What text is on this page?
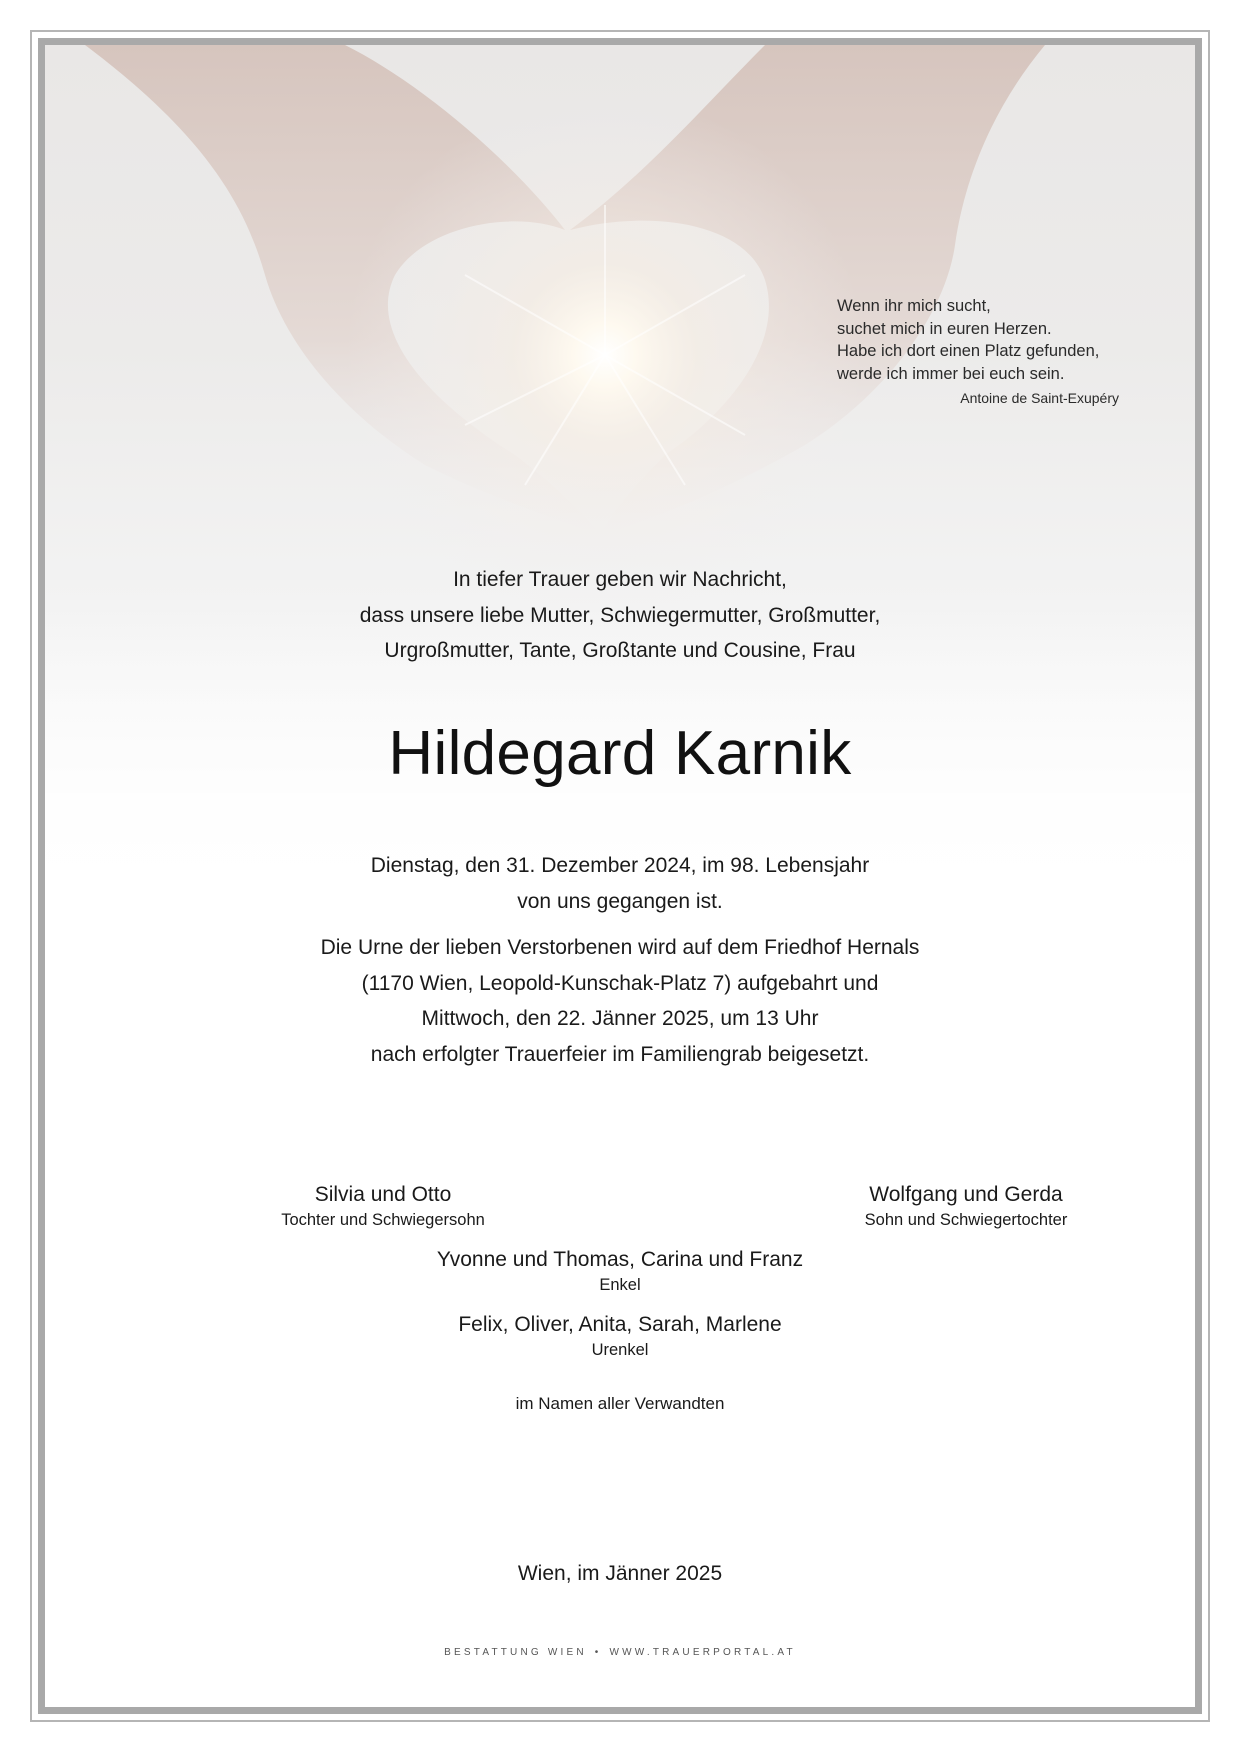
Wenn ihr mich sucht,
suchet mich in euren Herzen.
Habe ich dort einen Platz gefunden,
werde ich immer bei euch sein.
Antoine de Saint-Exupéry
In tiefer Trauer geben wir Nachricht,
dass unsere liebe Mutter, Schwiegermutter, Großmutter,
Urgroßmutter, Tante, Großtante und Cousine, Frau
Hildegard Karnik
Dienstag, den 31. Dezember 2024, im 98. Lebensjahr
von uns gegangen ist.
Die Urne der lieben Verstorbenen wird auf dem Friedhof Hernals
(1170 Wien, Leopold-Kunschak-Platz 7) aufgebahrt und
Mittwoch, den 22. Jänner 2025, um 13 Uhr
nach erfolgter Trauerfeier im Familiengrab beigesetzt.
Silvia und Otto
Tochter und Schwiegersohn
Wolfgang und Gerda
Sohn und Schwiegertochter
Yvonne und Thomas, Carina und Franz
Enkel
Felix, Oliver, Anita, Sarah, Marlene
Urenkel
im Namen aller Verwandten
Wien, im Jänner 2025
BESTATTUNG WIEN • WWW.TRAUERPORTAL.AT
